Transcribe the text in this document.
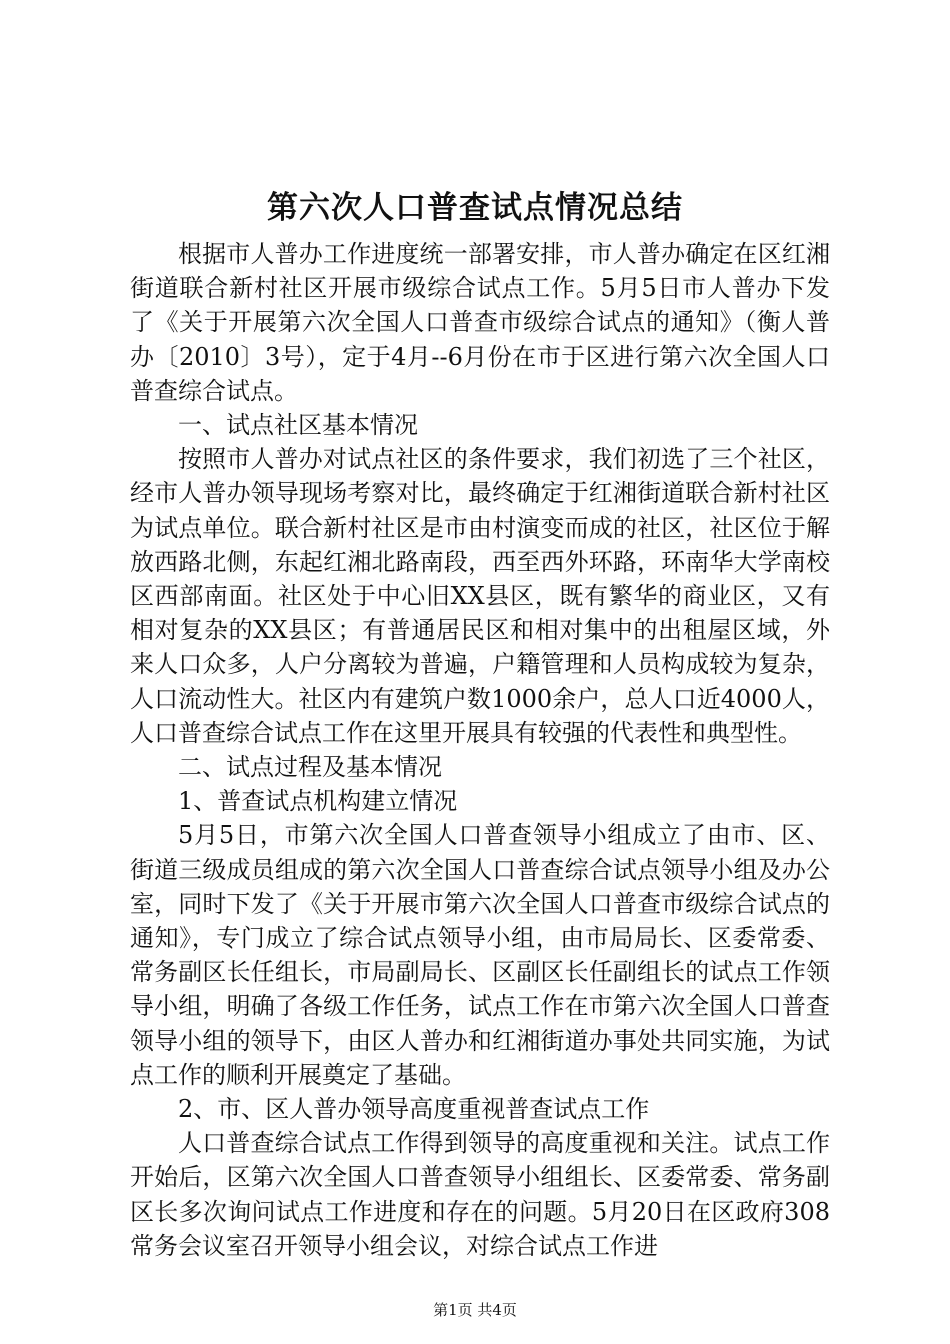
第六次人口普查试点情况总结

根据市人普办工作进度统一部署安排，市人普办确定在区红湘街道联合新村社区开展市级综合试点工作。5月5日市人普办下发了《关于开展第六次全国人口普查市级综合试点的通知》（衡人普办〔2010〕3号），定于4月--6月份在市于区进行第六次全国人口普查综合试点。

一、试点社区基本情况

按照市人普办对试点社区的条件要求，我们初选了三个社区，经市人普办领导现场考察对比，最终确定于红湘街道联合新村社区为试点单位。联合新村社区是市由村演变而成的社区，社区位于解放西路北侧，东起红湘北路南段，西至西外环路，环南华大学南校区西部南面。社区处于中心旧XX县区，既有繁华的商业区，又有相对复杂的XX县区；有普通居民区和相对集中的出租屋区域，外来人口众多，人户分离较为普遍，户籍管理和人员构成较为复杂，人口流动性大。社区内有建筑户数1000余户，总人口近4000人，人口普查综合试点工作在这里开展具有较强的代表性和典型性。

二、试点过程及基本情况

1、普查试点机构建立情况

5月5日，市第六次全国人口普查领导小组成立了由市、区、街道三级成员组成的第六次全国人口普查综合试点领导小组及办公室，同时下发了《关于开展市第六次全国人口普查市级综合试点的通知》，专门成立了综合试点领导小组，由市局局长、区委常委、常务副区长任组长，市局副局长、区副区长任副组长的试点工作领导小组，明确了各级工作任务，试点工作在市第六次全国人口普查领导小组的领导下，由区人普办和红湘街道办事处共同实施，为试点工作的顺利开展奠定了基础。

2、市、区人普办领导高度重视普查试点工作

人口普查综合试点工作得到领导的高度重视和关注。试点工作开始后，区第六次全国人口普查领导小组组长、区委常委、常务副区长多次询问试点工作进度和存在的问题。5月20日在区政府308常务会议室召开领导小组会议，对综合试点工作进

第1页 共4页
